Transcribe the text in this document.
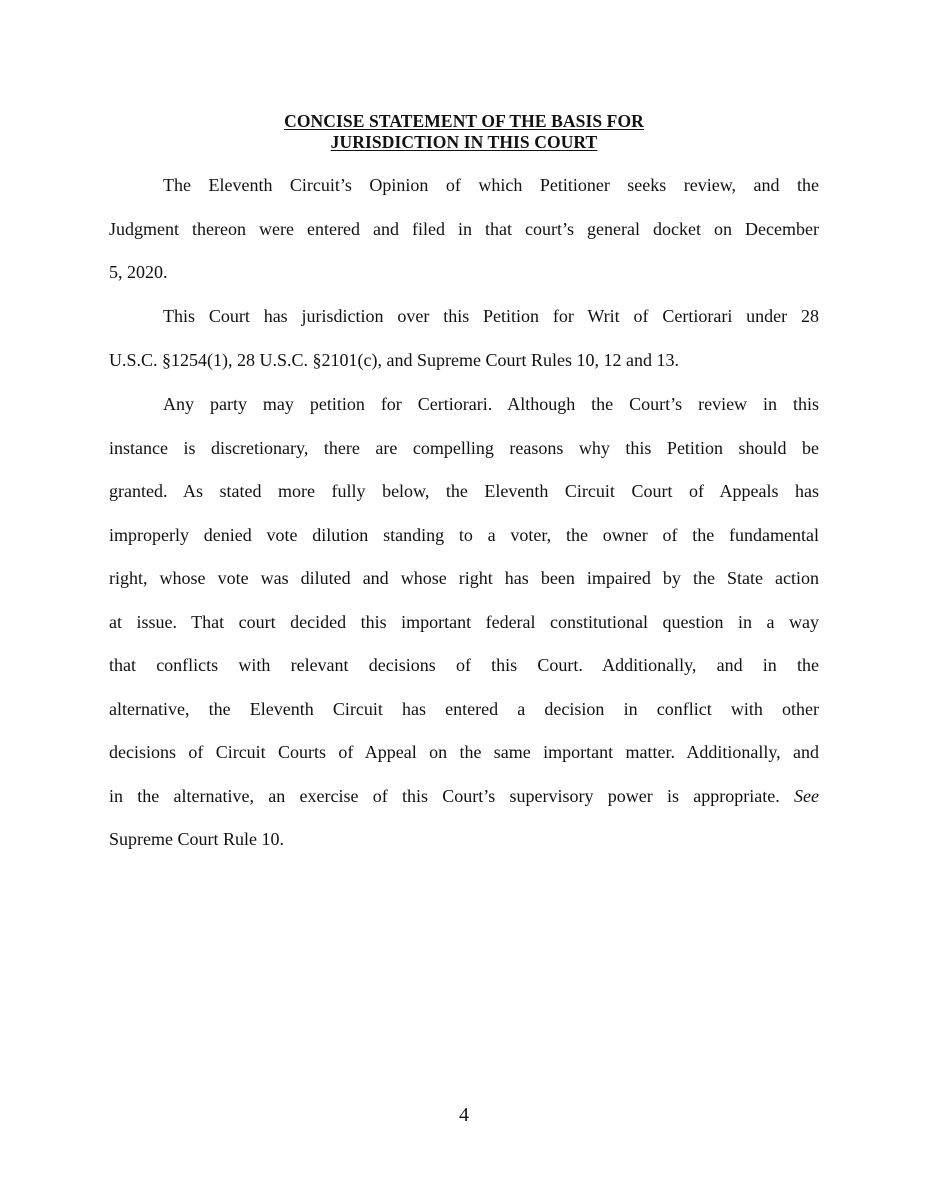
CONCISE STATEMENT OF THE BASIS FOR
JURISDICTION IN THIS COURT
The Eleventh Circuit’s Opinion of which Petitioner seeks review, and the
Judgment thereon were entered and filed in that court’s general docket on December
5, 2020.
This Court has jurisdiction over this Petition for Writ of Certiorari under 28
U.S.C. §1254(1), 28 U.S.C. §2101(c), and Supreme Court Rules 10, 12 and 13.
Any party may petition for Certiorari. Although the Court’s review in this
instance is discretionary, there are compelling reasons why this Petition should be
granted. As stated more fully below, the Eleventh Circuit Court of Appeals has
improperly denied vote dilution standing to a voter, the owner of the fundamental
right, whose vote was diluted and whose right has been impaired by the State action
at issue. That court decided this important federal constitutional question in a way
that conflicts with relevant decisions of this Court. Additionally, and in the
alternative, the Eleventh Circuit has entered a decision in conflict with other
decisions of Circuit Courts of Appeal on the same important matter. Additionally, and
in the alternative, an exercise of this Court’s supervisory power is appropriate. See
Supreme Court Rule 10.
4
